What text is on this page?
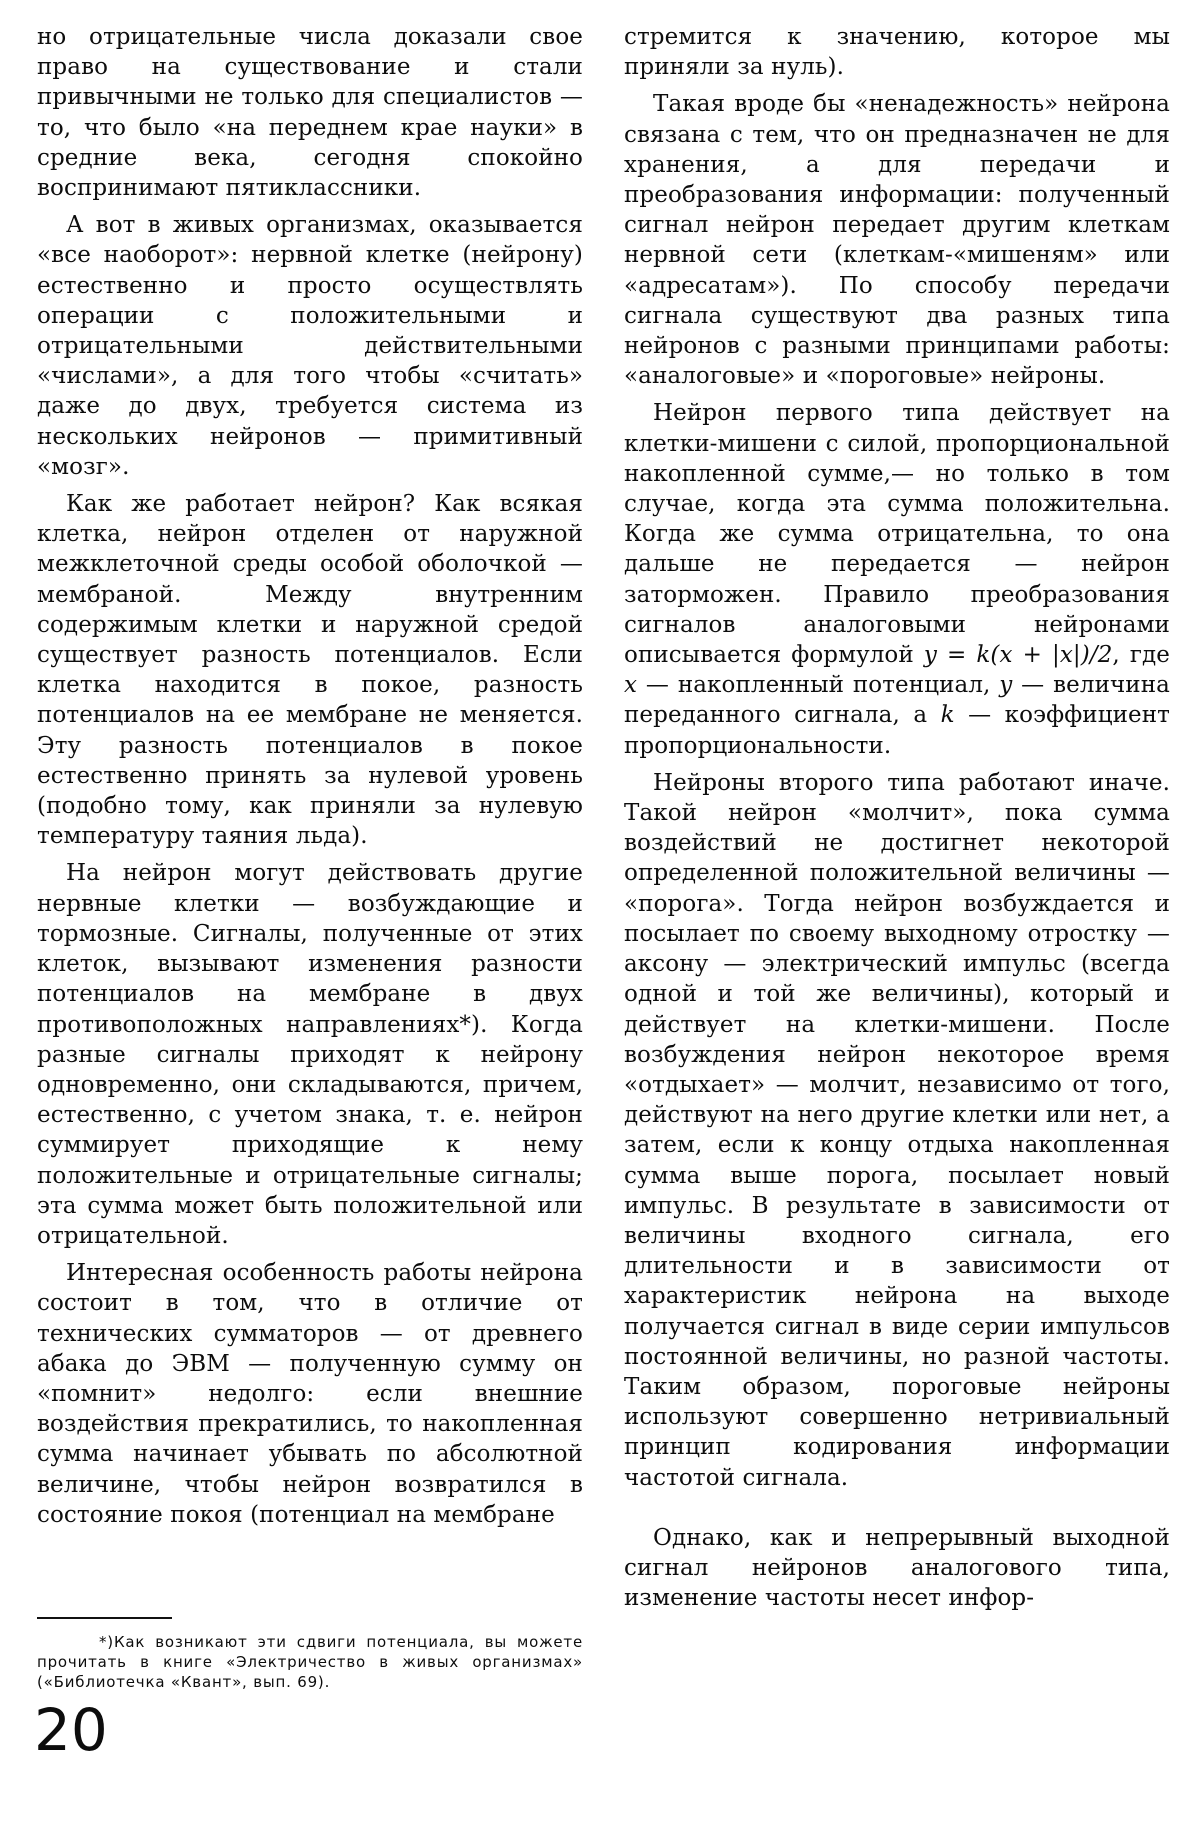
но отрицательные числа доказали свое право на существование и стали привычными не только для специалистов — то, что было «на переднем крае науки» в средние века, сегодня спокойно воспринимают пятиклассники.

А вот в живых организмах, оказывается «все наоборот»: нервной клетке (нейрону) естественно и просто осуществлять операции с положительными и отрицательными действительными «числами», а для того чтобы «считать» даже до двух, требуется система из нескольких нейронов — примитивный «мозг».

Как же работает нейрон? Как всякая клетка, нейрон отделен от наружной межклеточной среды особой оболочкой — мембраной. Между внутренним содержимым клетки и наружной средой существует разность потенциалов. Если клетка находится в покое, разность потенциалов на ее мембране не меняется. Эту разность потенциалов в покое естественно принять за нулевой уровень (подобно тому, как приняли за нулевую температуру таяния льда).

На нейрон могут действовать другие нервные клетки — возбуждающие и тормозные. Сигналы, полученные от этих клеток, вызывают изменения разности потенциалов на мембране в двух противоположных направлениях*). Когда разные сигналы приходят к нейрону одновременно, они складываются, причем, естественно, с учетом знака, т. е. нейрон суммирует приходящие к нему положительные и отрицательные сигналы; эта сумма может быть положительной или отрицательной.

Интересная особенность работы нейрона состоит в том, что в отличие от технических сумматоров — от древнего абака до ЭВМ — полученную сумму он «помнит» недолго: если внешние воздействия прекратились, то накопленная сумма начинает убывать по абсолютной величине, чтобы нейрон возвратился в состояние покоя (потенциал на мембране

стремится к значению, которое мы приняли за нуль).

Такая вроде бы «ненадежность» нейрона связана с тем, что он предназначен не для хранения, а для передачи и преобразования информации: полученный сигнал нейрон передает другим клеткам нервной сети (клеткам-«мишеням» или «адресатам»). По способу передачи сигнала существуют два разных типа нейронов с разными принципами работы: «аналоговые» и «пороговые» нейроны.

Нейрон первого типа действует на клетки-мишени с силой, пропорциональной накопленной сумме,— но только в том случае, когда эта сумма положительна. Когда же сумма отрицательна, то она дальше не передается — нейрон заторможен. Правило преобразования сигналов аналоговыми нейронами описывается формулой y = k(x + |x|)/2, где x — накопленный потенциал, y — величина переданного сигнала, а k — коэффициент пропорциональности.

Нейроны второго типа работают иначе. Такой нейрон «молчит», пока сумма воздействий не достигнет некоторой определенной положительной величины — «порога». Тогда нейрон возбуждается и посылает по своему выходному отростку — аксону — электрический импульс (всегда одной и той же величины), который и действует на клетки-мишени. После возбуждения нейрон некоторое время «отдыхает» — молчит, независимо от того, действуют на него другие клетки или нет, а затем, если к концу отдыха накопленная сумма выше порога, посылает новый импульс. В результате в зависимости от величины входного сигнала, его длительности и в зависимости от характеристик нейрона на выходе получается сигнал в виде серии импульсов постоянной величины, но разной частоты. Таким образом, пороговые нейроны используют совершенно нетривиальный принцип кодирования информации частотой сигнала.

Однако, как и непрерывный выходной сигнал нейронов аналогового типа, изменение частоты несет инфор-

*)Как возникают эти сдвиги потенциала, вы можете прочитать в книге «Электричество в живых организмах» («Библиотечка «Квант», вып. 69).

20
